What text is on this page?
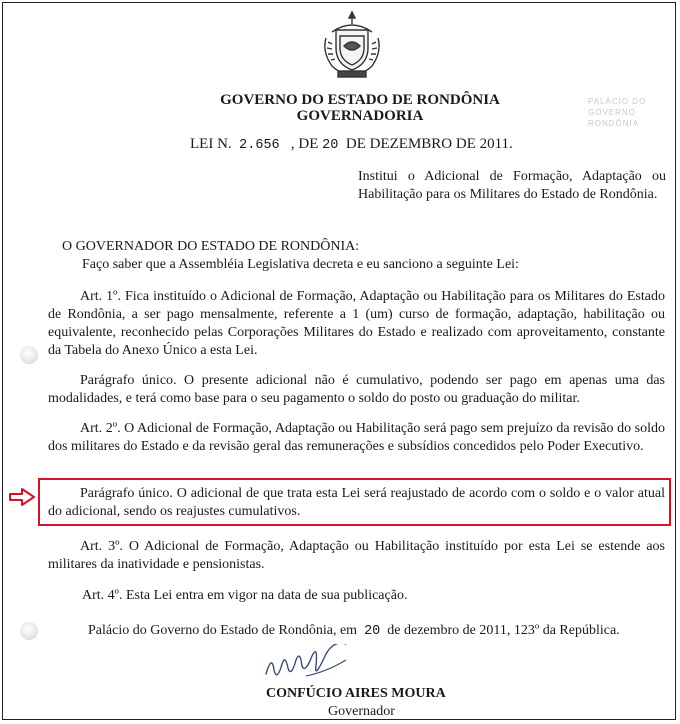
PALÁCIO DO GOVERNO
RONDÔNIA
GOVERNO DO ESTADO DE RONDÔNIA
GOVERNADORIA
LEI N. 2.656 , DE 20 DE DEZEMBRO DE 2011.
Institui o Adicional de Formação, Adaptação ou Habilitação para os Militares do Estado de Rondônia.

O GOVERNADOR DO ESTADO DE RONDÔNIA:

Faço saber que a Assembléia Legislativa decreta e eu sanciono a seguinte Lei:

Art. 1º. Fica instituído o Adicional de Formação, Adaptação ou Habilitação para os Militares do Estado de Rondônia, a ser pago mensalmente, referente a 1 (um) curso de formação, adaptação, habilitação ou equivalente, reconhecido pelas Corporações Militares do Estado e realizado com aproveitamento, constante da Tabela do Anexo Único a esta Lei.

Parágrafo único. O presente adicional não é cumulativo, podendo ser pago em apenas uma das modalidades, e terá como base para o seu pagamento o soldo do posto ou graduação do militar.

Art. 2º. O Adicional de Formação, Adaptação ou Habilitação será pago sem prejuízo da revisão do soldo dos militares do Estado e da revisão geral das remunerações e subsídios concedidos pelo Poder Executivo.

Parágrafo único. O adicional de que trata esta Lei será reajustado de acordo com o soldo e o valor atual do adicional, sendo os reajustes cumulativos.

Art. 3º. O Adicional de Formação, Adaptação ou Habilitação instituído por esta Lei se estende aos militares da inatividade e pensionistas.

Art. 4º. Esta Lei entra em vigor na data de sua publicação.

Palácio do Governo do Estado de Rondônia, em 20 de dezembro de 2011, 123º da República.

CONFÚCIO AIRES MOURA
Governador
